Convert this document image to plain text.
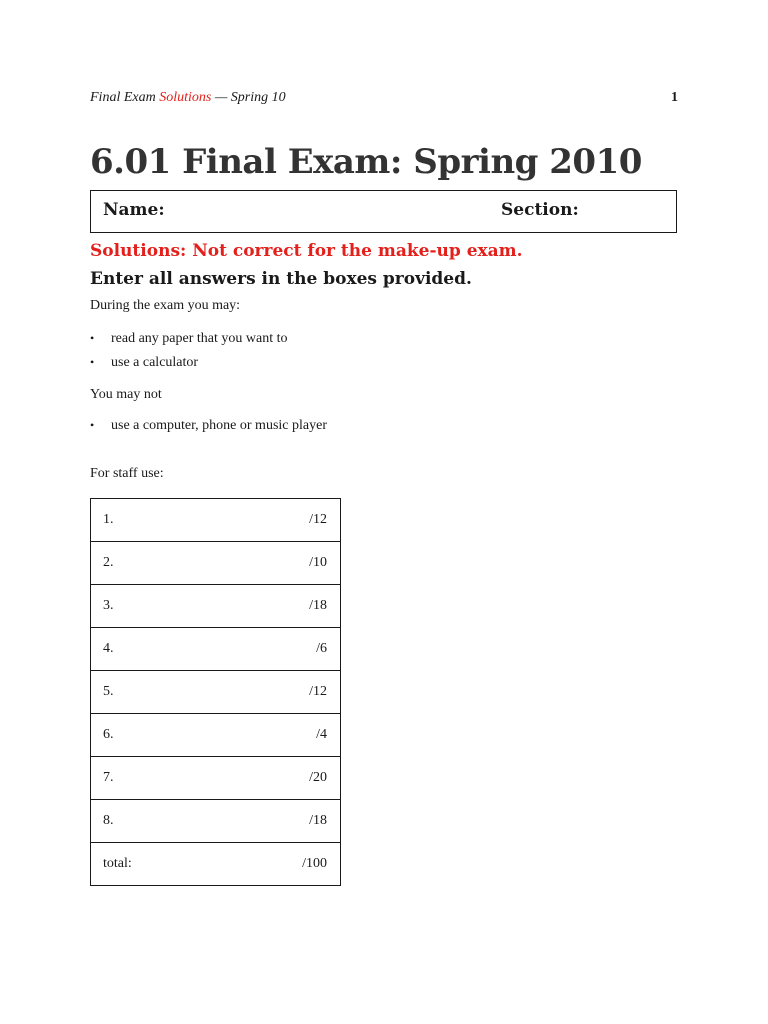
Final Exam Solutions — Spring 10	1
6.01 Final Exam: Spring 2010
Name:	Section:
Solutions: Not correct for the make-up exam.
Enter all answers in the boxes provided.
During the exam you may:
• read any paper that you want to
• use a calculator
You may not
• use a computer, phone or music player
For staff use:
1.	/12
2.	/10
3.	/18
4.	/6
5.	/12
6.	/4
7.	/20
8.	/18
total:	/100
